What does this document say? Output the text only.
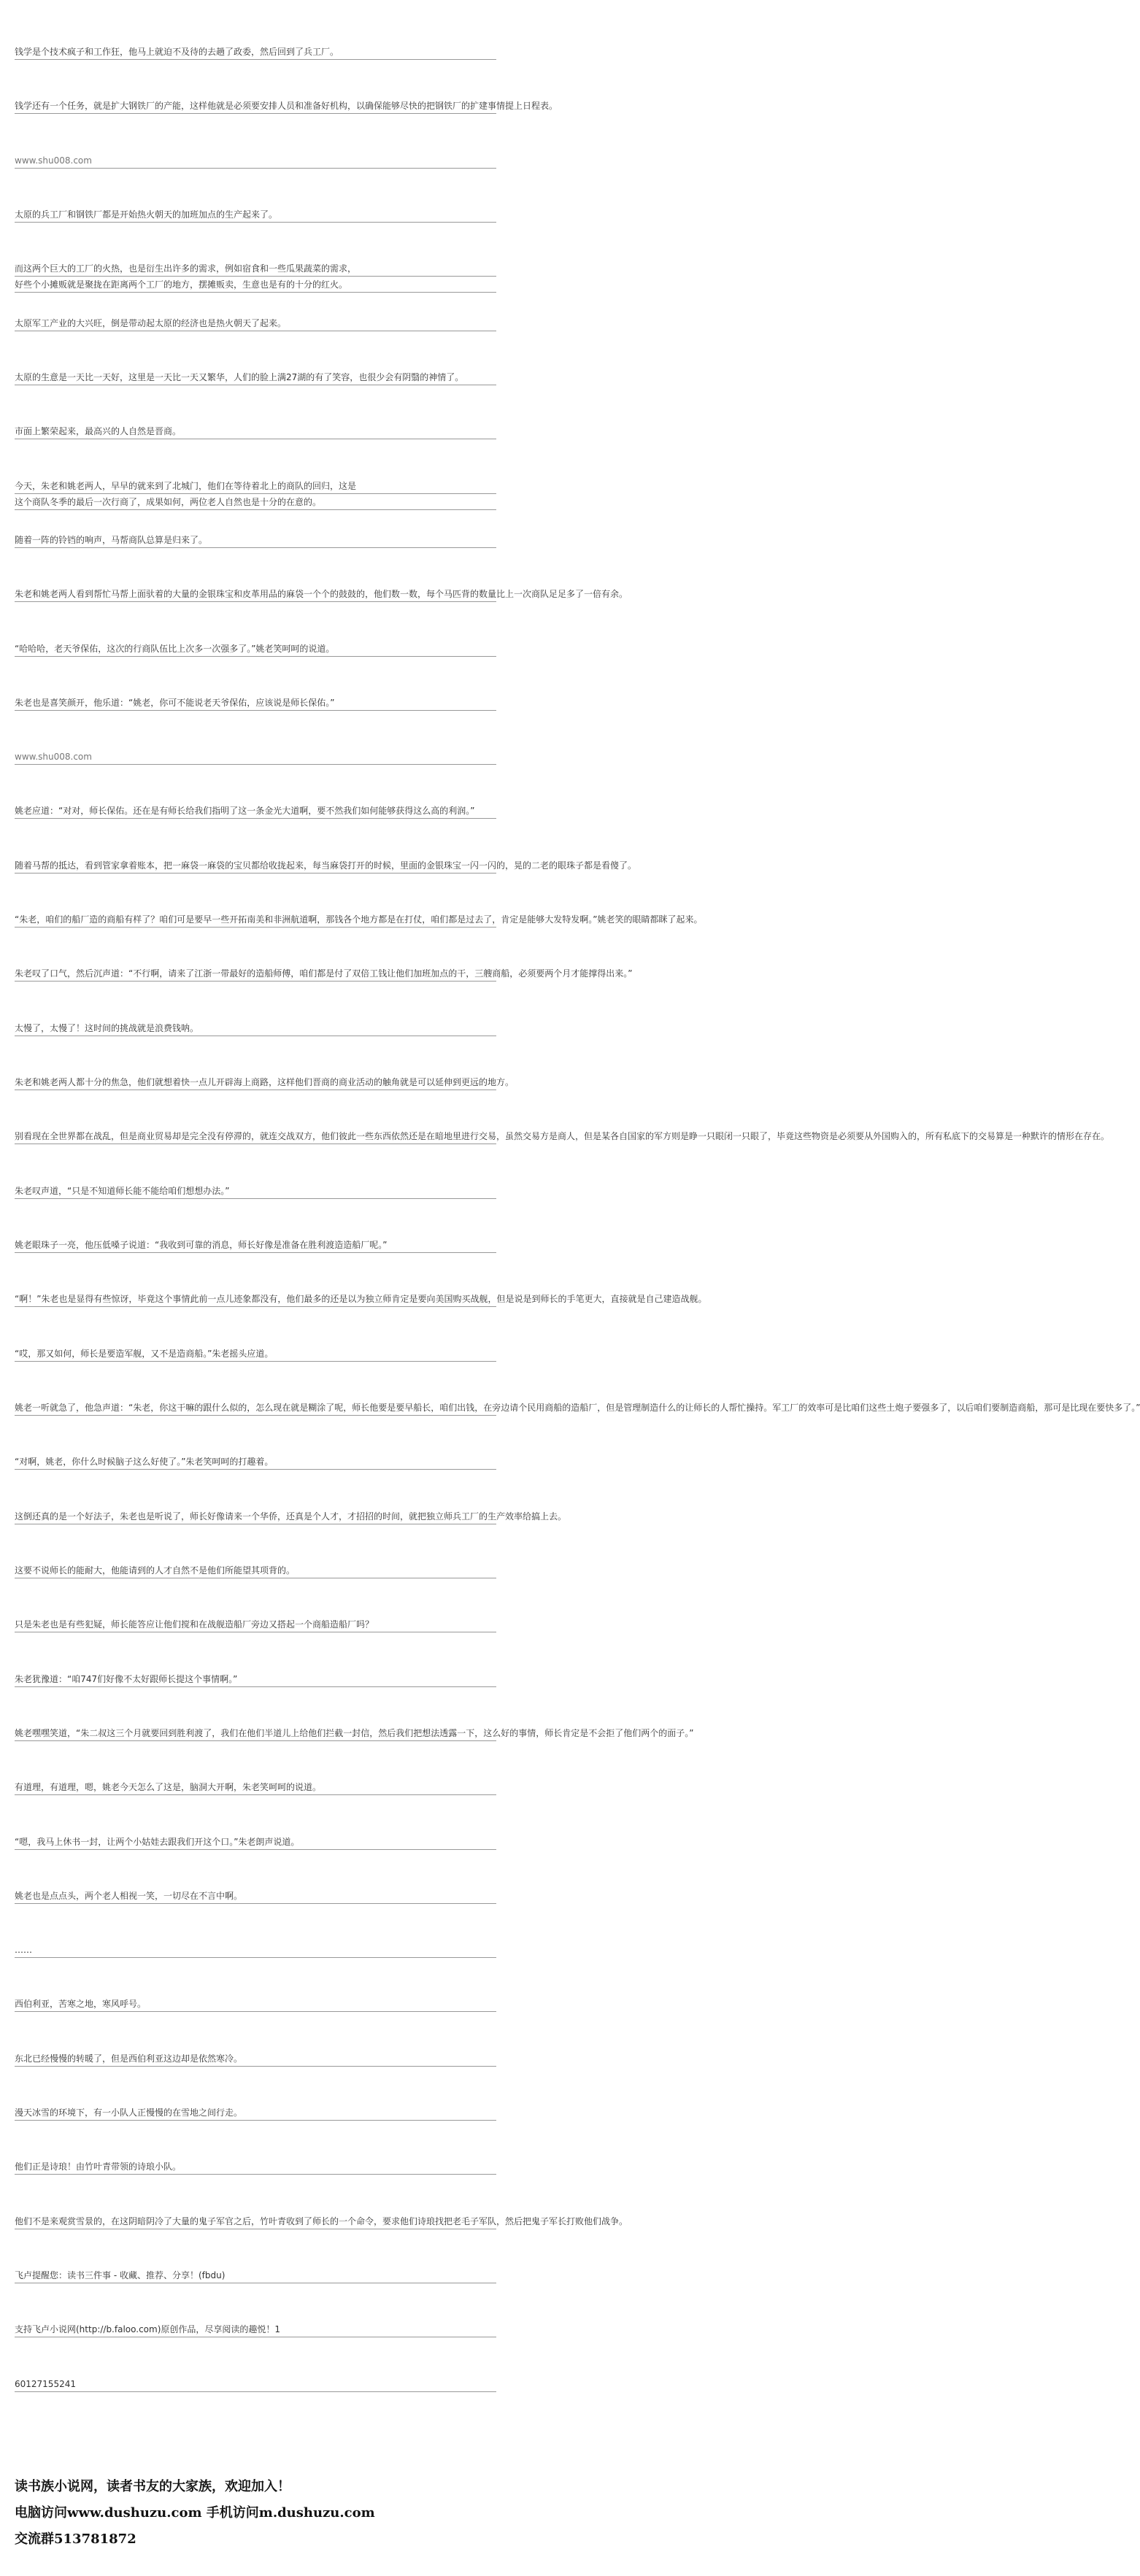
钱学是个技术疯子和工作狂，他马上就迫不及待的去趟了政委，然后回到了兵工厂。
钱学还有一个任务，就是扩大钢铁厂的产能，这样他就是必须要安排人员和准备好机构，以确保能够尽快的把钢铁厂的扩建事情提上日程表。
www.shu008.com
太原的兵工厂和钢铁厂都是开始热火朝天的加班加点的生产起来了。
而这两个巨大的工厂的火热，也是衍生出许多的需求，例如宿食和一些瓜果蔬菜的需求，
好些个小摊贩就是聚拢在距离两个工厂的地方，摆摊贩卖，生意也是有的十分的红火。
太原军工产业的大兴旺，倒是带动起太原的经济也是热火朝天了起来。
太原的生意是一天比一天好，这里是一天比一天又繁华，人们的脸上满27湖的有了笑容，也很少会有阴翳的神情了。
市面上繁荣起来，最高兴的人自然是晋商。
今天，朱老和姚老两人，早早的就来到了北城门，他们在等待着北上的商队的回归，这是
这个商队冬季的最后一次行商了，成果如何，两位老人自然也是十分的在意的。
随着一阵的铃铛的响声，马帮商队总算是归来了。
朱老和姚老两人看到帮忙马帮上面驮着的大量的金银珠宝和皮革用品的麻袋一个个的鼓鼓的，他们数一数，每个马匹背的数量比上一次商队足足多了一倍有余。
“哈哈哈，老天爷保佑，这次的行商队伍比上次多一次强多了。”姚老笑呵呵的说道。
朱老也是喜笑颜开，他乐道：“姚老，你可不能说老天爷保佑，应该说是师长保佑。”
www.shu008.com
姚老应道：“对对，师长保佑。还在是有师长给我们指明了这一条金光大道啊，要不然我们如何能够获得这么高的利润。”
随着马帮的抵达，看到管家拿着账本，把一麻袋一麻袋的宝贝都给收拢起来，每当麻袋打开的时候，里面的金银珠宝一闪一闪的，晃的二老的眼珠子都是看傻了。
“朱老，咱们的船厂造的商船有样了？咱们可是要早一些开拓南美和非洲航道啊，那钱各个地方都是在打仗，咱们都是过去了，肯定是能够大发特发啊。”姚老笑的眼睛都眯了起来。
朱老叹了口气，然后沉声道：“不行啊，请来了江浙一带最好的造船师傅，咱们都是付了双倍工钱让他们加班加点的干，三艘商船，必须要两个月才能撑得出来。”
太慢了，太慢了！这时间的挑战就是浪费钱呐。
朱老和姚老两人都十分的焦急，他们就想着快一点儿开辟海上商路，这样他们晋商的商业活动的触角就是可以延伸到更远的地方。
别看现在全世界都在战乱，但是商业贸易却是完全没有停滞的，就连交战双方，他们彼此一些东西依然还是在暗地里进行交易，虽然交易方是商人，但是某各自国家的军方则是睁一只眼闭一只眼了，毕竟这些物资是必须要从外国购入的，所有私底下的交易算是一种默许的情形在存在。
朱老叹声道，“只是不知道师长能不能给咱们想想办法。”
姚老眼珠子一亮，他压低嗓子说道：“我收到可靠的消息，师长好像是准备在胜利渡造造船厂呢。”
“啊！”朱老也是显得有些惊讶，毕竟这个事情此前一点儿迹象都没有，他们最多的还是以为独立师肯定是要向美国购买战舰，但是说是到师长的手笔更大，直接就是自己建造战舰。
“哎，那又如何，师长是要造军舰，又不是造商船。”朱老摇头应道。
姚老一听就急了，他急声道：“朱老，你这干嘛的跟什么似的，怎么现在就是糊涂了呢，师长他要是要早船长，咱们出钱，在旁边请个民用商船的造船厂，但是管理制造什么的让师长的人帮忙操持。军工厂的效率可是比咱们这些土炮子要强多了，以后咱们要制造商船，那可是比现在要快多了。”
“对啊，姚老，你什么时候脑子这么好使了。”朱老笑呵呵的打趣着。
这倒还真的是一个好法子，朱老也是听说了，师长好像请来一个华侨，还真是个人才，才招招的时间，就把独立师兵工厂的生产效率给搞上去。
这要不说师长的能耐大，他能请到的人才自然不是他们所能望其项背的。
只是朱老也是有些犯疑，师长能答应让他们搅和在战舰造船厂旁边又搭起一个商船造船厂吗？
朱老犹豫道：“咱747们好像不太好跟师长提这个事情啊。”
姚老嘿嘿笑道，“朱二叔这三个月就要回到胜利渡了，我们在他们半道儿上给他们拦截一封信，然后我们把想法透露一下，这么好的事情，师长肯定是不会拒了他们两个的面子。”
有道理，有道理，嗯，姚老今天怎么了这是，脑洞大开啊，朱老笑呵呵的说道。
“嗯，我马上休书一封，让两个小姑娃去跟我们开这个口。”朱老朗声说道。
姚老也是点点头，两个老人相视一笑，一切尽在不言中啊。
……
西伯利亚，苦寒之地，寒风呼号。
东北已经慢慢的转暖了，但是西伯利亚这边却是依然寒冷。
漫天冰雪的环境下，有一小队人正慢慢的在雪地之间行走。
他们正是诗琅！由竹叶青带领的诗琅小队。
他们不是来观赏雪景的，在这阴暗阴冷了大量的鬼子军官之后，竹叶青收到了师长的一个命令，要求他们诗琅找把老毛子军队，然后把鬼子军长打败他们战争。
飞卢提醒您：读书三件事 - 收藏、推荐、分享！(fbdu)
支持飞卢小说网(http://b.faloo.com)原创作品，尽享阅读的趣悦！1
60127155241

读书族小说网，读者书友的大家族，欢迎加入！

电脑访问www.dushuzu.com 手机访问m.dushuzu.com

交流群513781872
